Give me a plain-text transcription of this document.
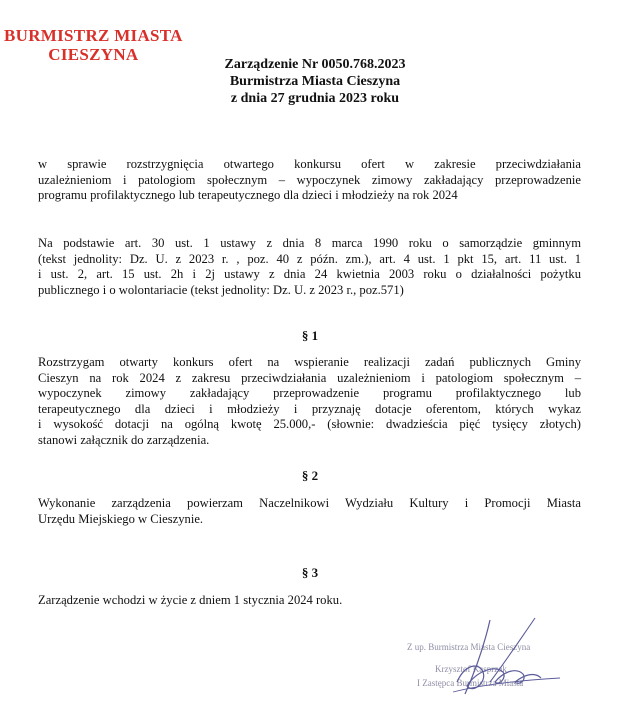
BURMISTRZ MIASTA
CIESZYNA
Zarządzenie Nr 0050.768.2023
Burmistrza Miasta Cieszyna
z dnia 27 grudnia 2023 roku
w sprawie rozstrzygnięcia otwartego konkursu ofert w zakresie przeciwdziałania
uzależnieniom i patologiom społecznym – wypoczynek zimowy zakładający przeprowadzenie
programu profilaktycznego lub terapeutycznego dla dzieci i młodzieży na rok 2024
Na podstawie art. 30 ust. 1 ustawy z dnia 8 marca 1990 roku o samorządzie gminnym
(tekst jednolity: Dz. U. z 2023 r. , poz. 40 z późn. zm.), art. 4 ust. 1 pkt 15, art. 11 ust. 1
i ust. 2, art. 15 ust. 2h i 2j ustawy z dnia 24 kwietnia 2003 roku o działalności pożytku
publicznego i o wolontariacie (tekst jednolity: Dz. U. z 2023 r., poz.571)
§ 1
Rozstrzygam otwarty konkurs ofert na wspieranie realizacji zadań publicznych Gminy
Cieszyn na rok 2024 z zakresu przeciwdziałania uzależnieniom i patologiom społecznym –
wypoczynek zimowy zakładający przeprowadzenie programu profilaktycznego lub
terapeutycznego dla dzieci i młodzieży i przyznaję dotacje oferentom, których wykaz
i wysokość dotacji na ogólną kwotę 25.000,- (słownie: dwadzieścia pięć tysięcy złotych)
stanowi załącznik do zarządzenia.
§ 2
Wykonanie zarządzenia powierzam Naczelnikowi Wydziału Kultury i Promocji Miasta
Urzędu Miejskiego w Cieszynie.
§ 3
Zarządzenie wchodzi w życie z dniem 1 stycznia 2024 roku.
Z up. Burmistrza Miasta Cieszyna
Krzysztof Kasprzak
I Zastępca Burmistrza Miasta
